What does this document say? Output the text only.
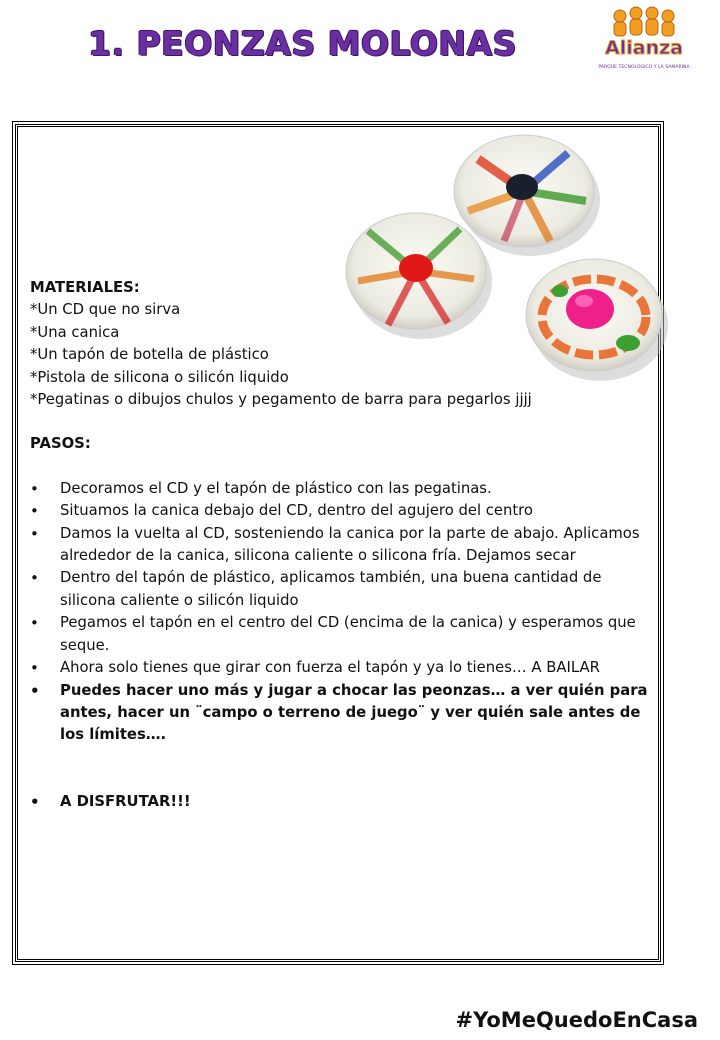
1. PEONZAS MOLONAS	Alianza
PARQUE TECNOLÓGICO Y LA SAMARINA
MATERIALES:
*Un CD que no sirva
*Una canica
*Un tapón de botella de plástico
*Pistola de silicona o silicón liquido
*Pegatinas o dibujos chulos y pegamento de barra para pegarlos jjjj
PASOS:
• Decoramos el CD y el tapón de plástico con las pegatinas.
• Situamos la canica debajo del CD, dentro del agujero del centro
• Damos la vuelta al CD, sosteniendo la canica por la parte de abajo. Aplicamos alrededor de la canica, silicona caliente o silicona fría. Dejamos secar
• Dentro del tapón de plástico, aplicamos también, una buena cantidad de silicona caliente o silicón liquido
• Pegamos el tapón en el centro del CD (encima de la canica) y esperamos que seque.
• Ahora solo tienes que girar con fuerza el tapón y ya lo tienes… A BAILAR
• Puedes hacer uno más y jugar a chocar las peonzas… a ver quién para antes, hacer un ¨campo o terreno de juego¨ y ver quién sale antes de los límites….
• A DISFRUTAR!!!
#YoMeQuedoEnCasa
